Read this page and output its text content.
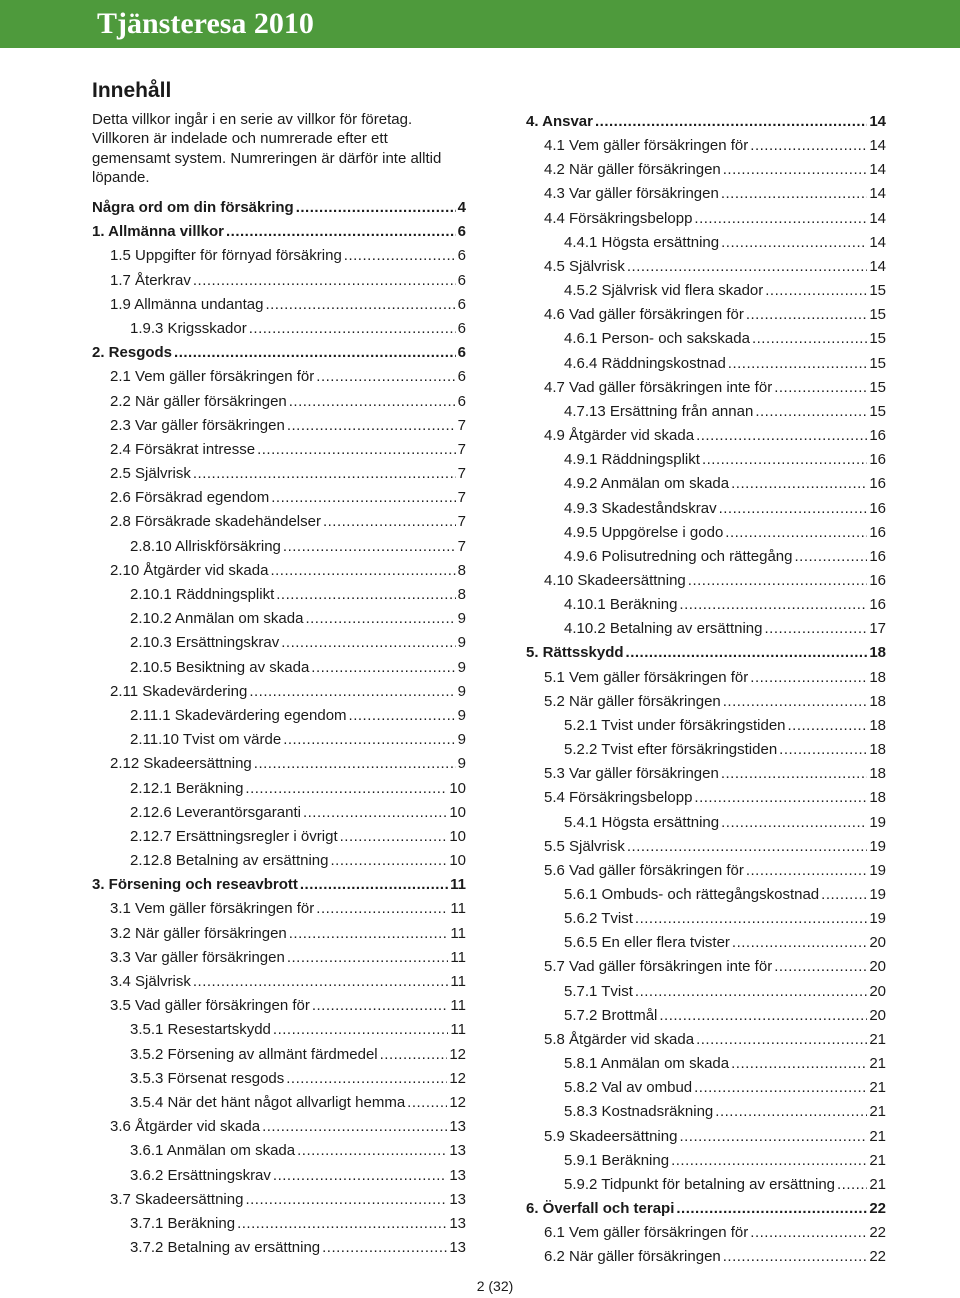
Tjänsteresa 2010
Innehåll

Detta villkor ingår i en serie av villkor för företag. Villkoren är indelade och numrerade efter ett gemensamt system. Numreringen är därför inte alltid löpande.

Några ord om din försäkring .....	4
1. Allmänna villkor .....	6
1.5 Uppgifter för förnyad försäkring .....	6
1.7 Återkrav .....	6
1.9 Allmänna undantag .....	6
1.9.3 Krigsskador .....	6
2. Resgods .....	6
2.1 Vem gäller försäkringen för .....	6
2.2 När gäller försäkringen .....	6
2.3 Var gäller försäkringen .....	7
2.4 Försäkrat intresse .....	7
2.5 Självrisk .....	7
2.6 Försäkrad egendom .....	7
2.8 Försäkrade skadehändelser .....	7
2.8.10 Allriskförsäkring .....	7
2.10 Åtgärder vid skada .....	8
2.10.1 Räddningsplikt .....	8
2.10.2 Anmälan om skada .....	9
2.10.3 Ersättningskrav .....	9
2.10.5 Besiktning av skada .....	9
2.11 Skadevärdering .....	9
2.11.1 Skadevärdering egendom .....	9
2.11.10 Tvist om värde .....	9
2.12 Skadeersättning .....	9
2.12.1 Beräkning .....	10
2.12.6 Leverantörsgaranti .....	10
2.12.7 Ersättningsregler i övrigt .....	10
2.12.8 Betalning av ersättning .....	10
3. Försening och reseavbrott .....	11
3.1 Vem gäller försäkringen för .....	11
3.2 När gäller försäkringen .....	11
3.3 Var gäller försäkringen .....	11
3.4 Självrisk .....	11
3.5 Vad gäller försäkringen för .....	11
3.5.1 Resestartskydd .....	11
3.5.2 Försening av allmänt färdmedel .....	12
3.5.3 Försenat resgods .....	12
3.5.4 När det hänt något allvarligt hemma .....	12
3.6 Åtgärder vid skada .....	13
3.6.1 Anmälan om skada .....	13
3.6.2 Ersättningskrav .....	13
3.7 Skadeersättning .....	13
3.7.1 Beräkning .....	13
3.7.2 Betalning av ersättning .....	13
4. Ansvar .....	14
4.1 Vem gäller försäkringen för .....	14
4.2 När gäller försäkringen .....	14
4.3 Var gäller försäkringen .....	14
4.4 Försäkringsbelopp .....	14
4.4.1 Högsta ersättning .....	14
4.5 Självrisk .....	14
4.5.2 Självrisk vid flera skador .....	15
4.6 Vad gäller försäkringen för .....	15
4.6.1 Person- och sakskada .....	15
4.6.4 Räddningskostnad .....	15
4.7 Vad gäller försäkringen inte för .....	15
4.7.13 Ersättning från annan .....	15
4.9 Åtgärder vid skada .....	16
4.9.1 Räddningsplikt .....	16
4.9.2 Anmälan om skada .....	16
4.9.3 Skadeståndskrav .....	16
4.9.5 Uppgörelse i godo .....	16
4.9.6 Polisutredning och rättegång .....	16
4.10 Skadeersättning .....	16
4.10.1 Beräkning .....	16
4.10.2 Betalning av ersättning .....	17
5. Rättsskydd .....	18
5.1 Vem gäller försäkringen för .....	18
5.2 När gäller försäkringen .....	18
5.2.1 Tvist under försäkringstiden .....	18
5.2.2 Tvist efter försäkringstiden .....	18
5.3 Var gäller försäkringen .....	18
5.4 Försäkringsbelopp .....	18
5.4.1 Högsta ersättning .....	19
5.5 Självrisk .....	19
5.6 Vad gäller försäkringen för .....	19
5.6.1 Ombuds- och rättegångskostnad .....	19
5.6.2 Tvist .....	19
5.6.5 En eller flera tvister .....	20
5.7 Vad gäller försäkringen inte för .....	20
5.7.1 Tvist .....	20
5.7.2 Brottmål .....	20
5.8 Åtgärder vid skada .....	21
5.8.1 Anmälan om skada .....	21
5.8.2 Val av ombud .....	21
5.8.3 Kostnadsräkning .....	21
5.9 Skadeersättning .....	21
5.9.1 Beräkning .....	21
5.9.2 Tidpunkt för betalning av ersättning ..... 21
6. Överfall och terapi .....	22
6.1 Vem gäller försäkringen för .....	22
6.2 När gäller försäkringen .....	22
2 (32)
